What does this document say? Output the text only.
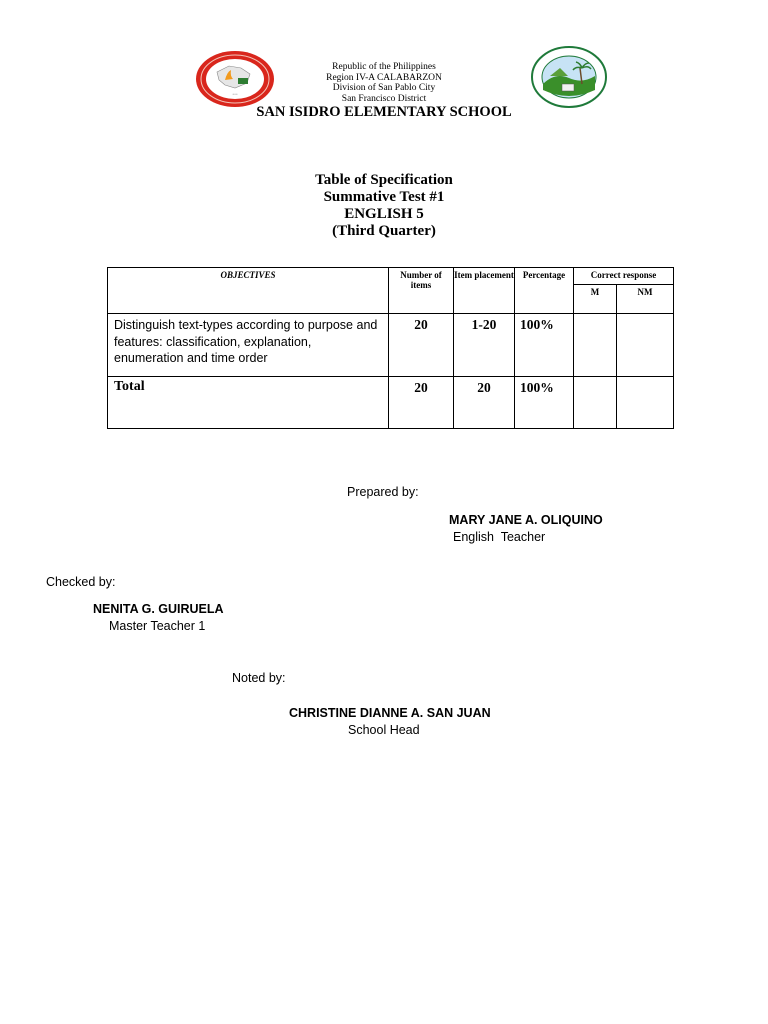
• • •
Republic of the Philippines
Region IV-A CALABARZON
Division of San Pablo City
San Francisco District
SAN ISIDRO ELEMENTARY SCHOOL
Table of Specification
Summative Test #1
ENGLISH 5
(Third Quarter)
OBJECTIVES	Number of items	Item placement	Percentage	Correct response	
				M	NM
Distinguish text-types according to purpose and features: classification, explanation, enumeration and time order	20	1-20	100%		
Total	20	20	100%		
Prepared by:
MARY JANE A. OLIQUINO
English  Teacher
Checked by:
NENITA G. GUIRUELA
Master Teacher 1
Noted by:
CHRISTINE DIANNE A. SAN JUAN
School Head
